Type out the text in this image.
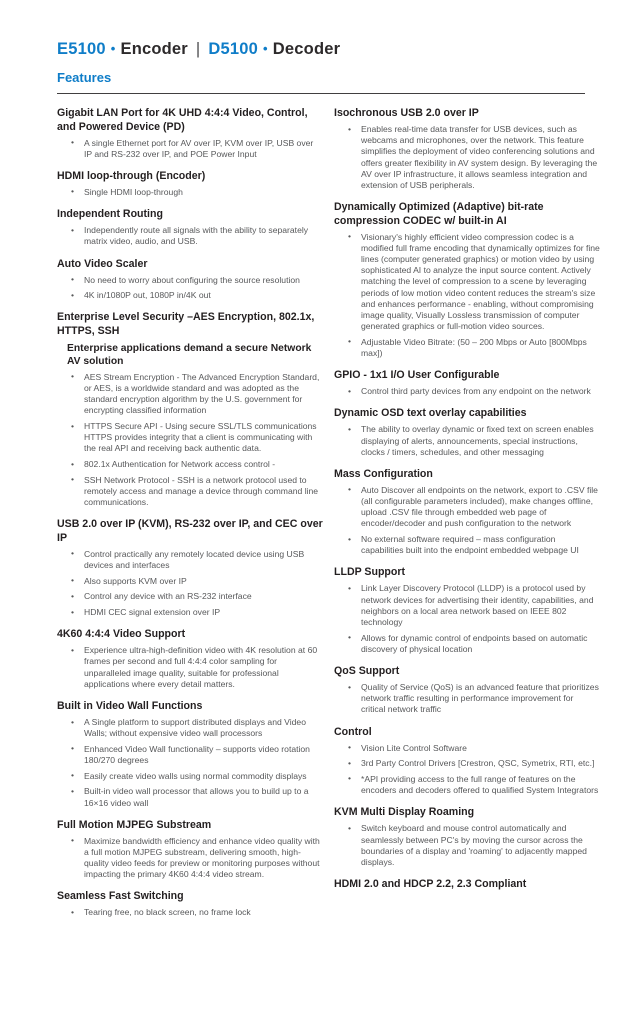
E5100 • Encoder | D5100 • Decoder
Features
Gigabit LAN Port for 4K UHD 4:4:4 Video, Control, and Powered Device (PD)
• A single Ethernet port for AV over IP, KVM over IP, USB over IP and RS-232 over IP, and POE Power Input
HDMI loop-through (Encoder)
• Single HDMI loop-through
Independent Routing
• Independently route all signals with the ability to separately matrix video, audio, and USB.
Auto Video Scaler
• No need to worry about configuring the source resolution
• 4K in/1080P out, 1080P in/4K out
Enterprise Level Security –AES Encryption, 802.1x, HTTPS, SSH
Enterprise applications demand a secure Network AV solution
• AES Stream Encryption - The Advanced Encryption Standard, or AES, is a worldwide standard and was adopted as the standard encryption algorithm by the U.S. government for encrypting classified information
• HTTPS Secure API - Using secure SSL/TLS communications HTTPS provides integrity that a client is communicating with the real API and receiving back authentic data.
• 802.1x Authentication for Network access control -
• SSH Network Protocol - SSH is a network protocol used to remotely access and manage a device through command line communications.
USB 2.0 over IP (KVM), RS-232 over IP, and CEC over IP
• Control practically any remotely located device using USB devices and interfaces
• Also supports KVM over IP
• Control any device with an RS-232 interface
• HDMI CEC signal extension over IP
4K60 4:4:4 Video Support
• Experience ultra-high-definition video with 4K resolution at 60 frames per second and full 4:4:4 color sampling for unparalleled image quality, suitable for professional applications where every detail matters.
Built in Video Wall Functions
• A Single platform to support distributed displays and Video Walls; without expensive video wall processors
• Enhanced Video Wall functionality – supports video rotation 180/270 degrees
• Easily create video walls using normal commodity displays
• Built-in video wall processor that allows you to build up to a 16×16 video wall
Full Motion MJPEG Substream
• Maximize bandwidth efficiency and enhance video quality with a full motion MJPEG substream, delivering smooth, high-quality video feeds for preview or monitoring purposes without impacting the primary 4K60 4:4:4 video stream.
Seamless Fast Switching
• Tearing free, no black screen, no frame lock
Isochronous USB 2.0 over IP
• Enables real-time data transfer for USB devices, such as webcams and microphones, over the network. This feature simplifies the deployment of video conferencing solutions and offers greater flexibility in AV system design. By leveraging the AV over IP infrastructure, it allows seamless integration and extension of USB peripherals.
Dynamically Optimized (Adaptive) bit-rate compression CODEC w/ built-in AI
• Visionary's highly efficient video compression codec is a modified full frame encoding that dynamically optimizes for fine lines (computer generated graphics) or motion video by using sophisticated AI to analyze the input source content. Actively matching the level of compression to a scene by leveraging periods of low motion video content reduces the stream's size and enhances performance - enabling, without compromising image quality, Visually Lossless transmission of computer generated graphics or full-motion video sources.
• Adjustable Video Bitrate: (50 – 200 Mbps or Auto [800Mbps max])
GPIO - 1x1 I/O User Configurable
• Control third party devices from any endpoint on the network
Dynamic OSD text overlay capabilities
• The ability to overlay dynamic or fixed text on screen enables displaying of alerts, announcements, special instructions, clocks / timers, schedules, and other messaging
Mass Configuration
• Auto Discover all endpoints on the network, export to .CSV file (all configurable parameters included), make changes offline, upload .CSV file through embedded web page of encoder/decoder and push configuration to the network
• No external software required – mass configuration capabilities built into the endpoint embedded webpage UI
LLDP Support
• Link Layer Discovery Protocol (LLDP) is a protocol used by network devices for advertising their identity, capabilities, and neighbors on a local area network based on IEEE 802 technology
• Allows for dynamic control of endpoints based on automatic discovery of physical location
QoS Support
• Quality of Service (QoS) is an advanced feature that prioritizes network traffic resulting in performance improvement for critical network traffic
Control
• Vision Lite Control Software
• 3rd Party Control Drivers [Crestron, QSC, Symetrix, RTI, etc.]
• *API providing access to the full range of features on the encoders and decoders offered to qualified System Integrators
KVM Multi Display Roaming
• Switch keyboard and mouse control automatically and seamlessly between PC's by moving the cursor across the boundaries of a display and 'roaming' to adjacently mapped displays.
HDMI 2.0 and HDCP 2.2, 2.3 Compliant
